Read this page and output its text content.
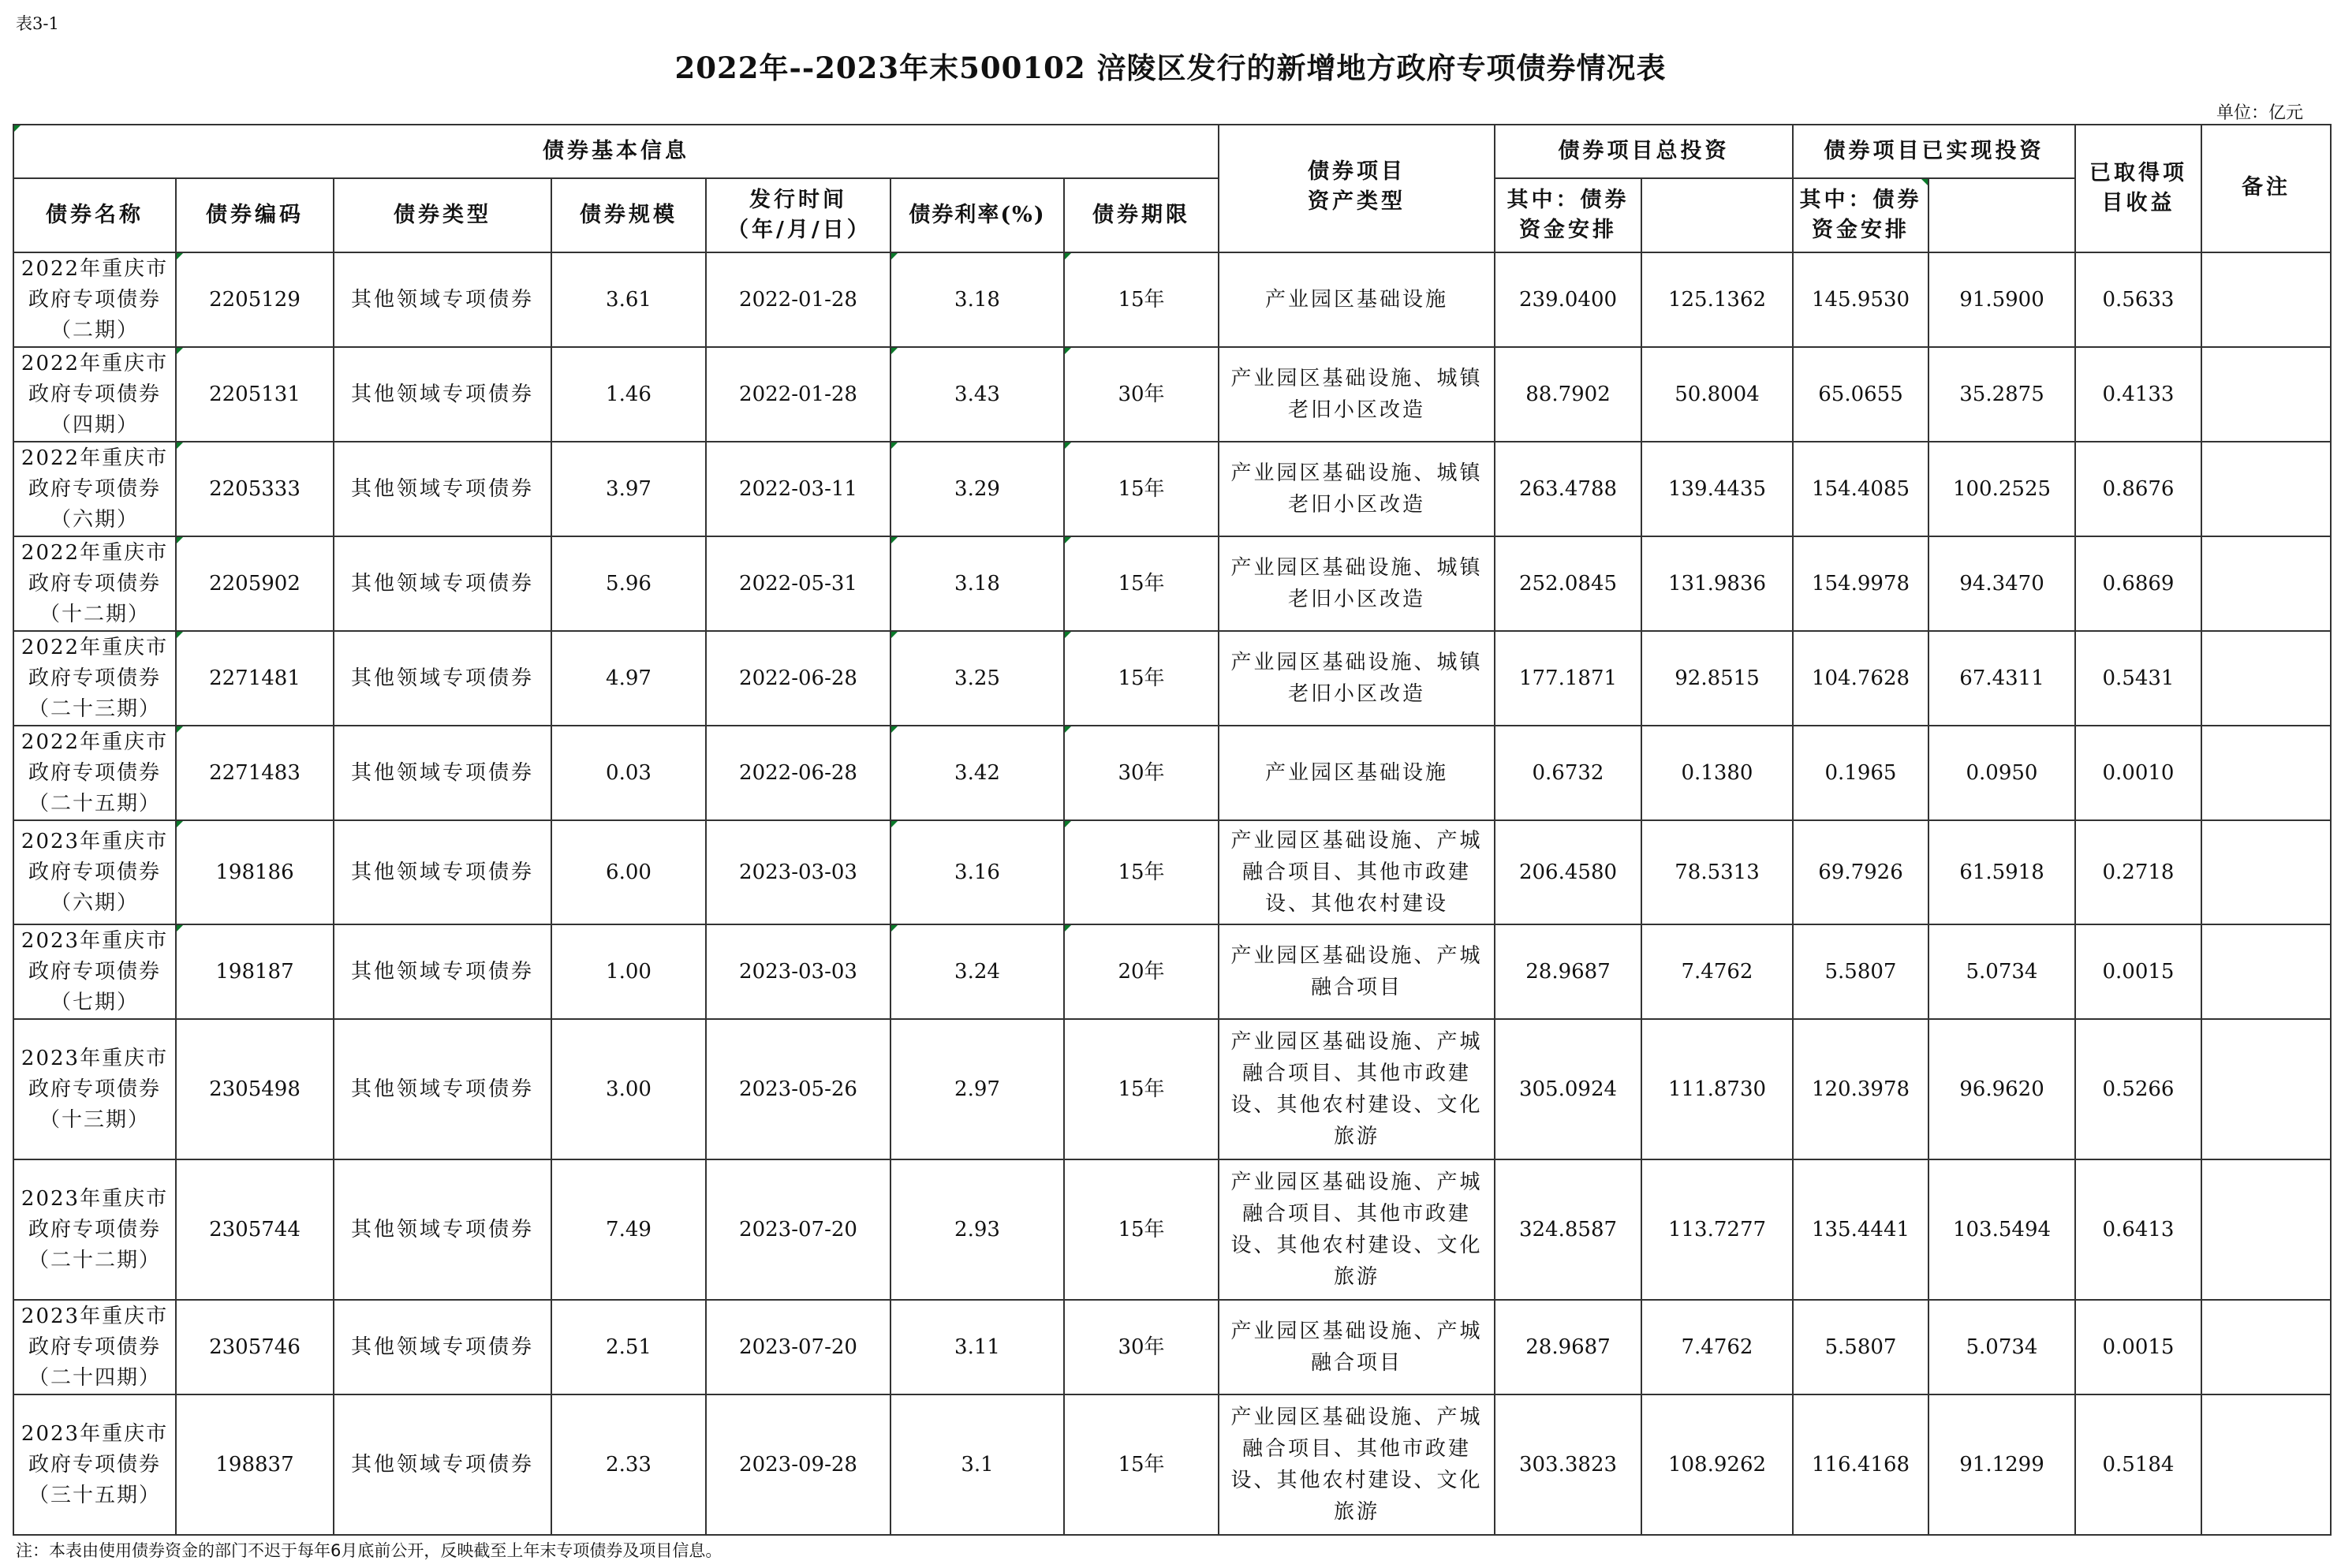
表3-1
2022年--2023年末500102 涪陵区发行的新增地方政府专项债券情况表
单位：亿元
债券基本信息							债券项目资产类型	债券项目总投资		债券项目已实现投资		已取得项目收益	备注
债券名称	债券编码	债券类型	债券规模	发行时间（年/月/日）	债券利率(%)	债券期限		其中：债券资金安排		其中：债券资金安排			

2022年重庆市政府专项债券（二期）	2205129	其他领域专项债券	3.61	2022-01-28	3.18	15年	产业园区基础设施	239.0400	125.1362	145.9530	91.5900	0.5633	
2022年重庆市政府专项债券（四期）	2205131	其他领域专项债券	1.46	2022-01-28	3.43	30年	产业园区基础设施、城镇老旧小区改造	88.7902	50.8004	65.0655	35.2875	0.4133	
2022年重庆市政府专项债券（六期）	2205333	其他领域专项债券	3.97	2022-03-11	3.29	15年	产业园区基础设施、城镇老旧小区改造	263.4788	139.4435	154.4085	100.2525	0.8676	
2022年重庆市政府专项债券（十二期）	2205902	其他领域专项债券	5.96	2022-05-31	3.18	15年	产业园区基础设施、城镇老旧小区改造	252.0845	131.9836	154.9978	94.3470	0.6869	
2022年重庆市政府专项债券（二十三期）	2271481	其他领域专项债券	4.97	2022-06-28	3.25	15年	产业园区基础设施、城镇老旧小区改造	177.1871	92.8515	104.7628	67.4311	0.5431	
2022年重庆市政府专项债券（二十五期）	2271483	其他领域专项债券	0.03	2022-06-28	3.42	30年	产业园区基础设施	0.6732	0.1380	0.1965	0.0950	0.0010	
2023年重庆市政府专项债券（六期）	198186	其他领域专项债券	6.00	2023-03-03	3.16	15年	产业园区基础设施、产城融合项目、其他市政建设、其他农村建设	206.4580	78.5313	69.7926	61.5918	0.2718	
2023年重庆市政府专项债券（七期）	198187	其他领域专项债券	1.00	2023-03-03	3.24	20年	产业园区基础设施、产城融合项目	28.9687	7.4762	5.5807	5.0734	0.0015	
2023年重庆市政府专项债券（十三期）	2305498	其他领域专项债券	3.00	2023-05-26	2.97	15年	产业园区基础设施、产城融合项目、其他市政建设、其他农村建设、文化旅游	305.0924	111.8730	120.3978	96.9620	0.5266	
2023年重庆市政府专项债券（二十二期）	2305744	其他领域专项债券	7.49	2023-07-20	2.93	15年	产业园区基础设施、产城融合项目、其他市政建设、其他农村建设、文化旅游	324.8587	113.7277	135.4441	103.5494	0.6413	
2023年重庆市政府专项债券（二十四期）	2305746	其他领域专项债券	2.51	2023-07-20	3.11	30年	产业园区基础设施、产城融合项目	28.9687	7.4762	5.5807	5.0734	0.0015	
2023年重庆市政府专项债券（三十五期）	198837	其他领域专项债券	2.33	2023-09-28	3.1	15年	产业园区基础设施、产城融合项目、其他市政建设、其他农村建设、文化旅游	303.3823	108.9262	116.4168	91.1299	0.5184	
注：本表由使用债券资金的部门不迟于每年6月底前公开，反映截至上年末专项债券及项目信息。
